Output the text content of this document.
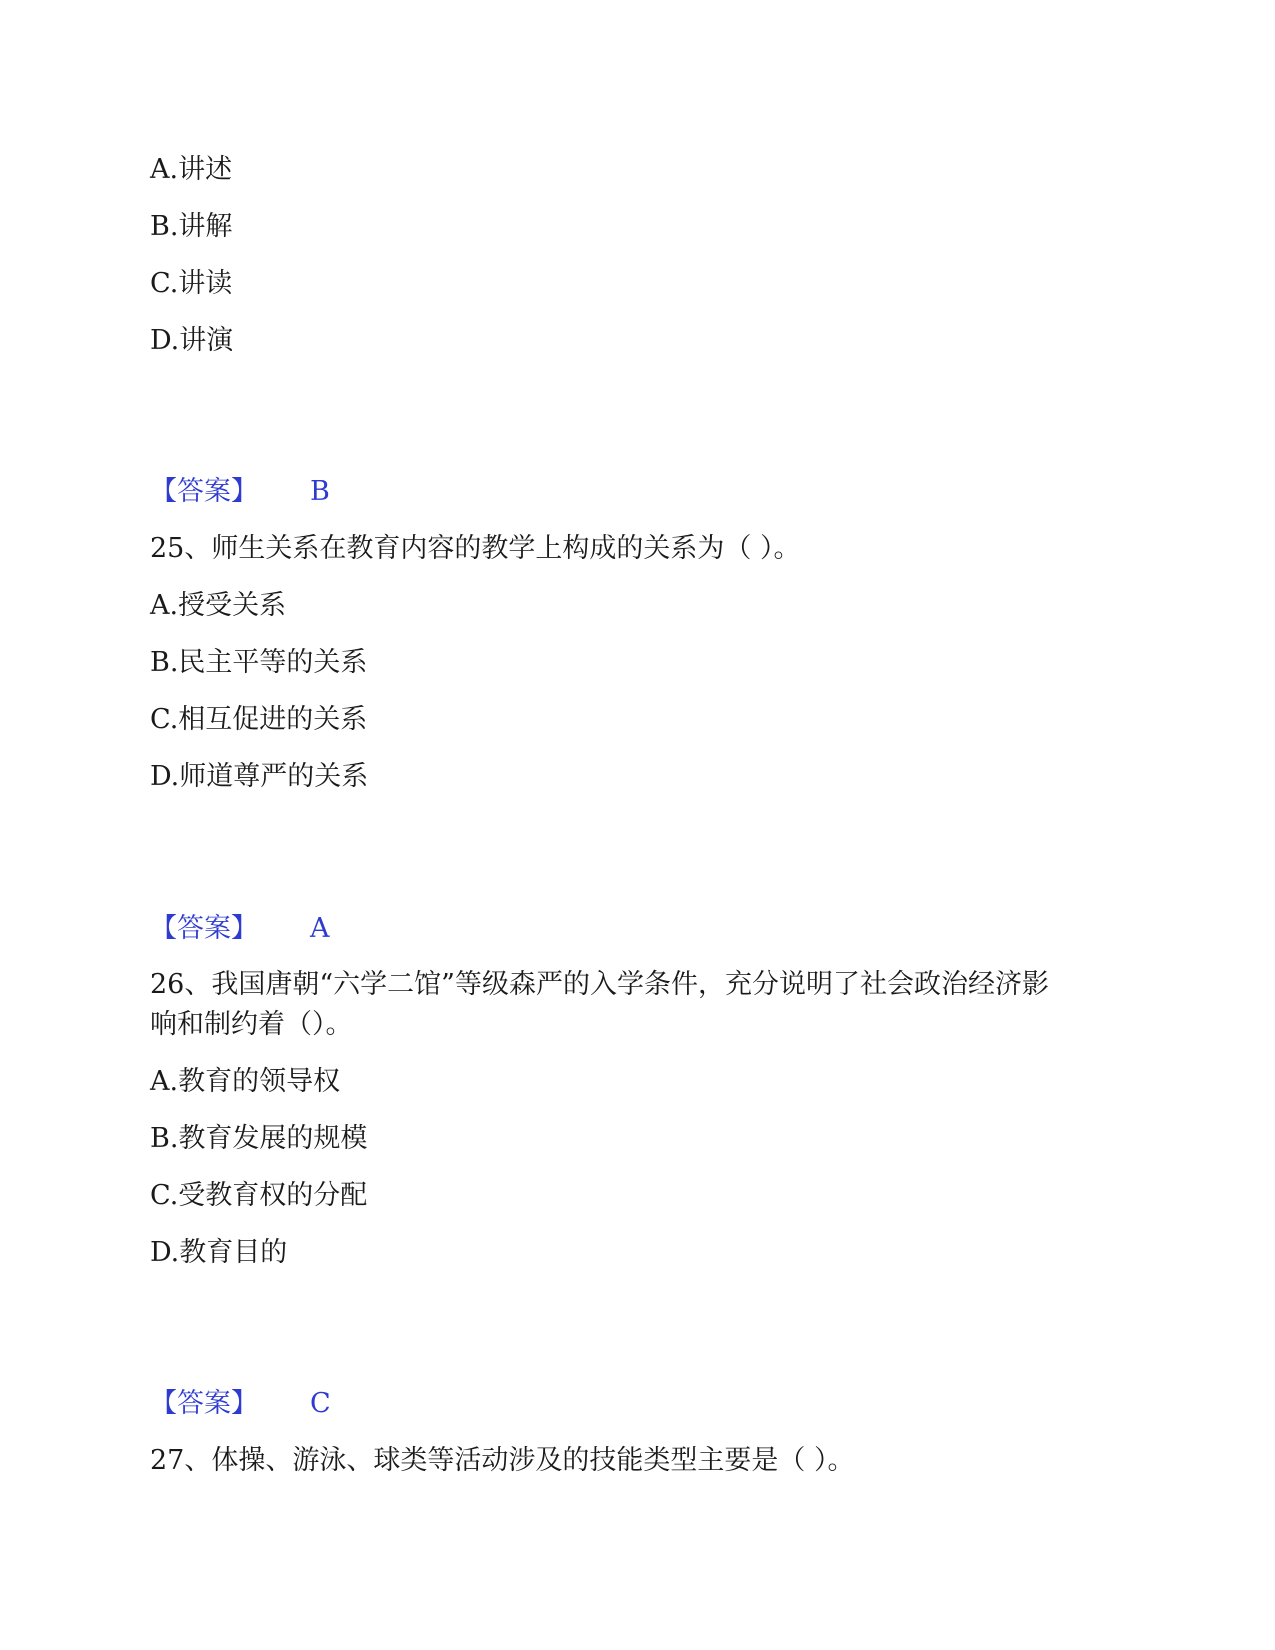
A.讲述
B.讲解
C.讲读
D.讲演
【答案】 B
25、师生关系在教育内容的教学上构成的关系为（ ）。
A.授受关系
B.民主平等的关系
C.相互促进的关系
D.师道尊严的关系
【答案】 A
26、我国唐朝“六学二馆”等级森严的入学条件，充分说明了社会政治经济影
响和制约着（）。
A.教育的领导权
B.教育发展的规模
C.受教育权的分配
D.教育目的
【答案】 C
27、体操、游泳、球类等活动涉及的技能类型主要是（ ）。
